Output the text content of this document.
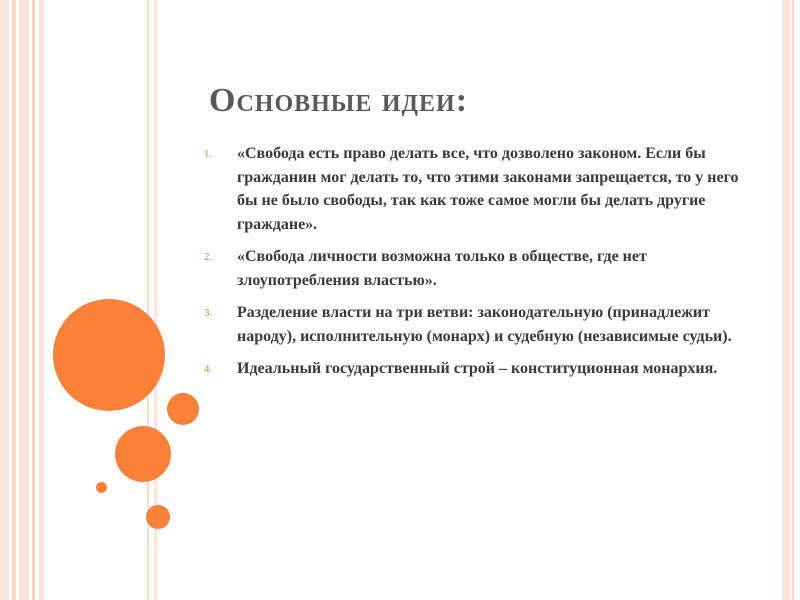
Основные идеи:
1.	«Свобода есть право делать все, что дозволено законом. Если бы гражданин мог делать то, что этими законами запрещается, то у него бы не было свободы, так как тоже самое могли бы делать другие граждане».
2.	«Свобода личности возможна только в обществе, где нет злоупотребления властью».
3.	Разделение власти на три ветви: законодательную (принадлежит народу), исполнительную (монарх) и судебную (независимые судьи).
4.	Идеальный государственный строй – конституционная монархия.
